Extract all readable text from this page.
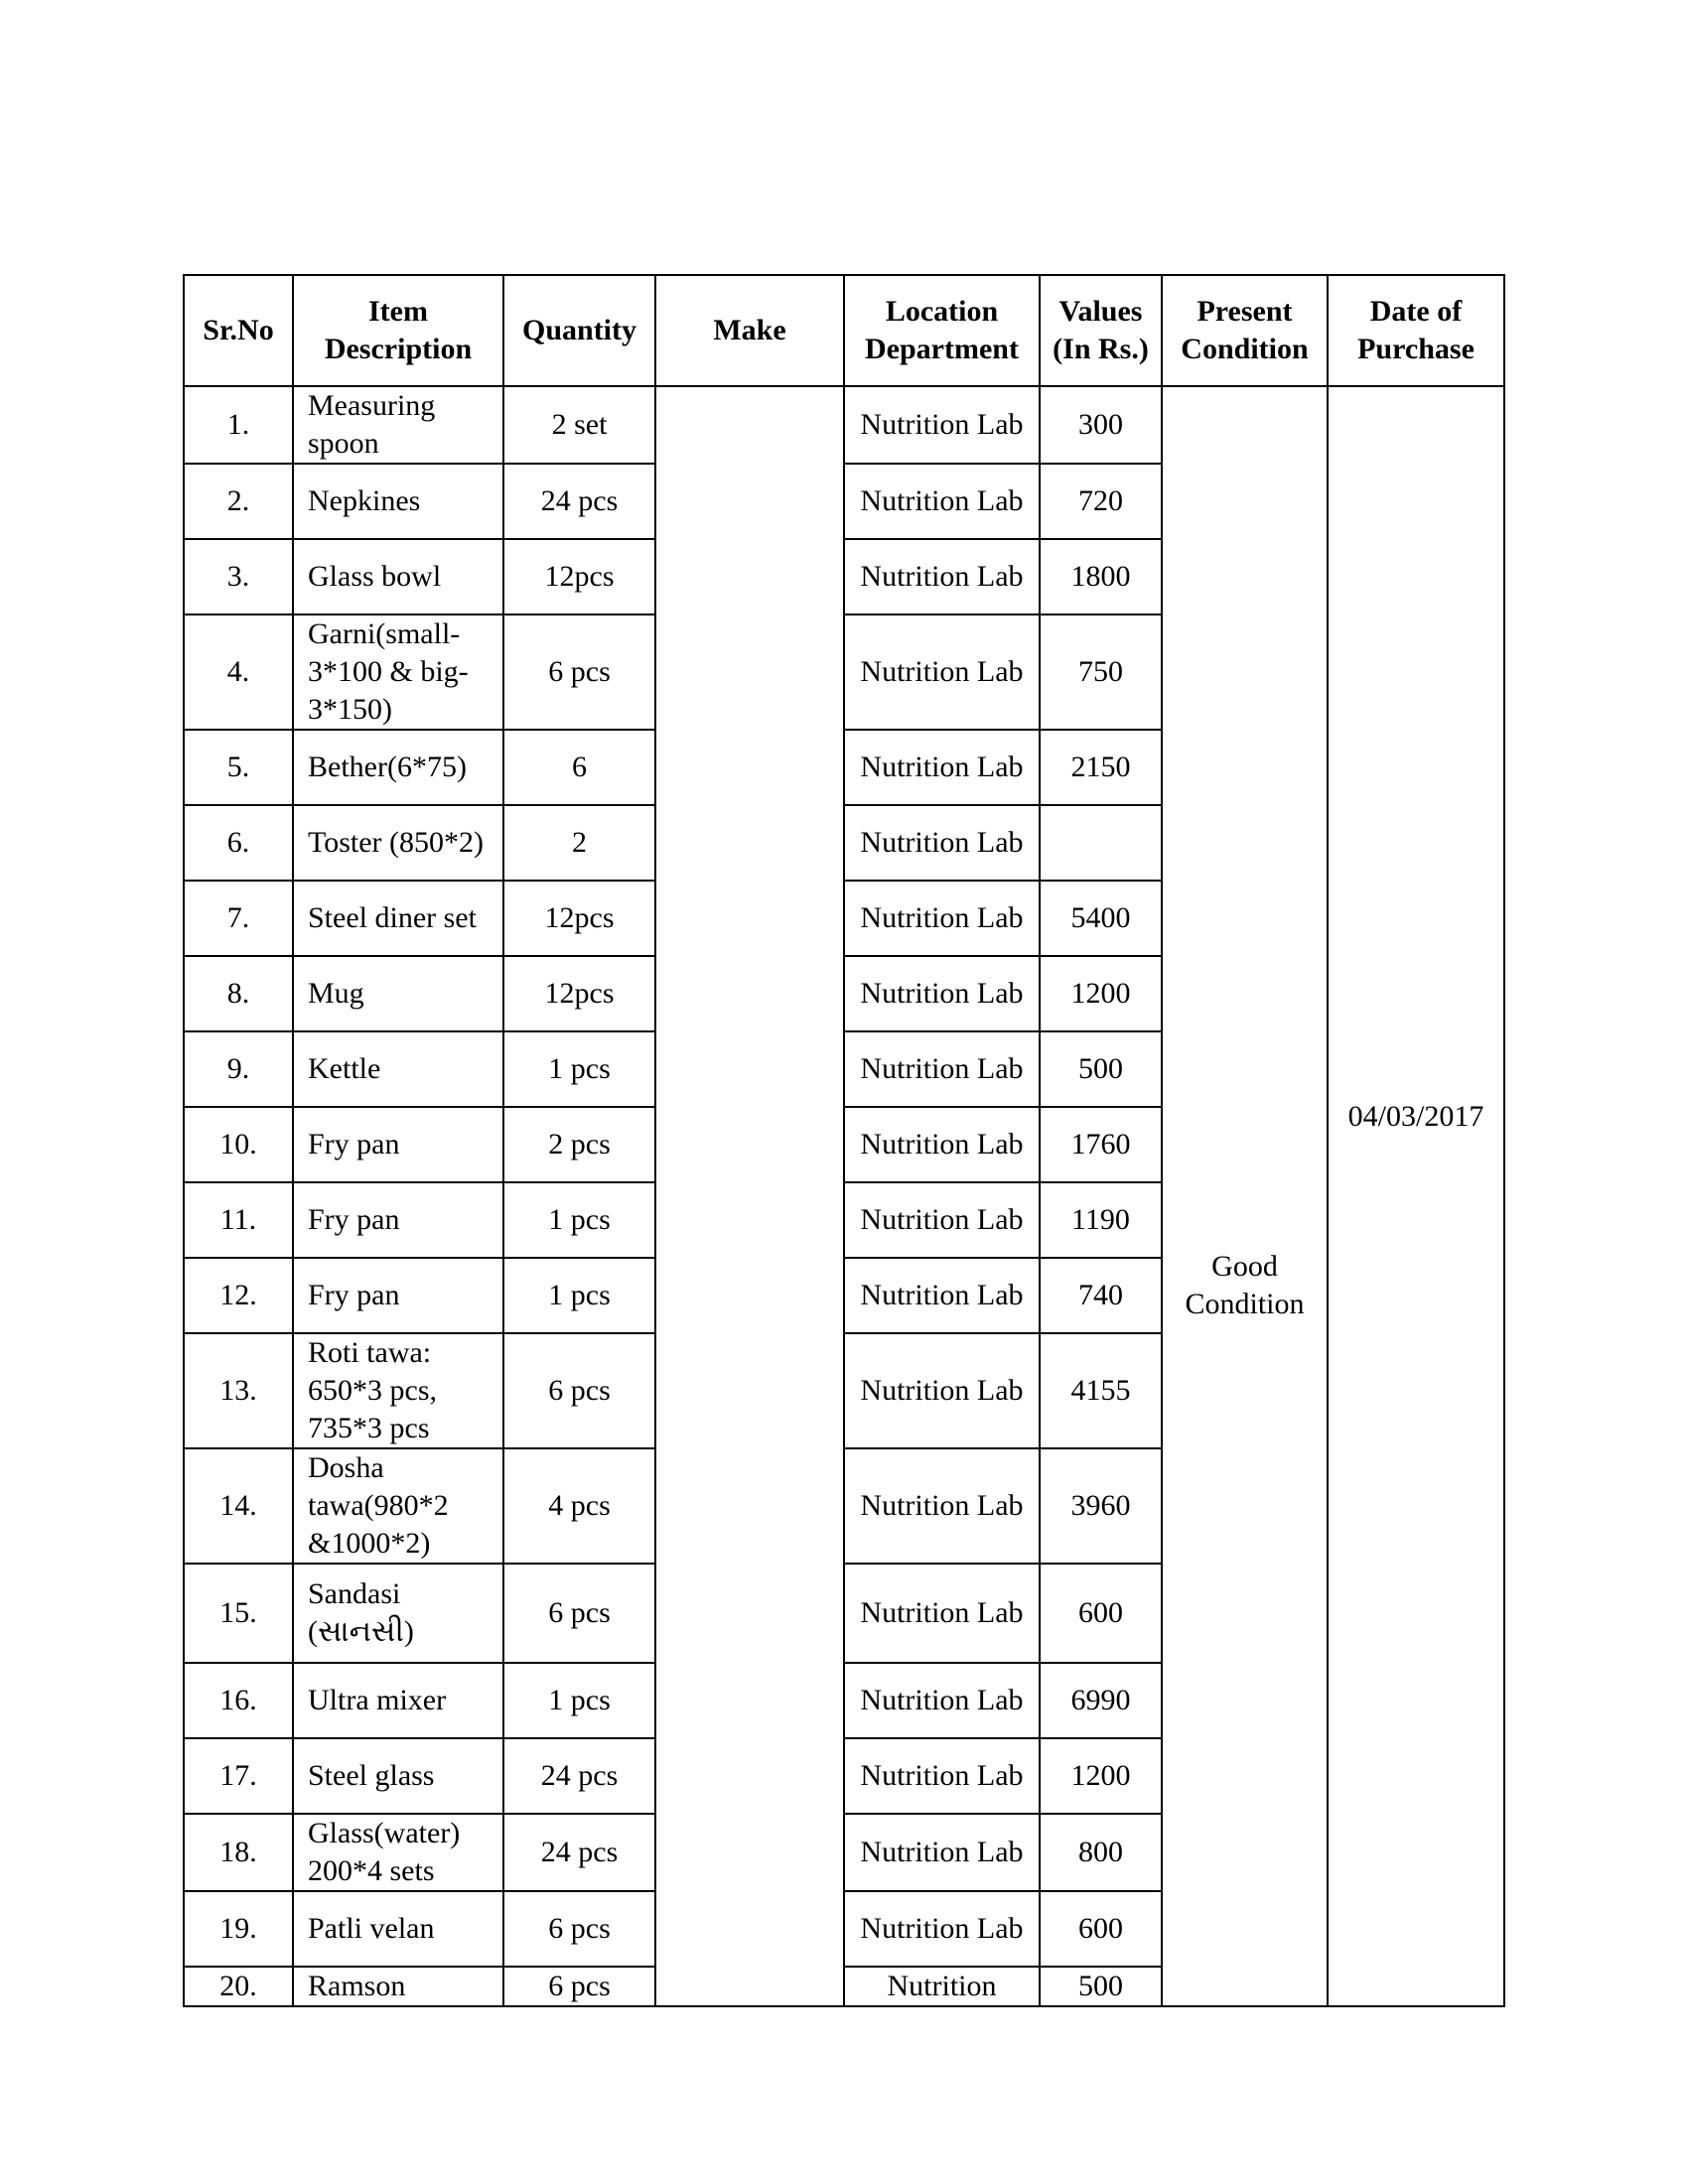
Sr.No	Item Description	Quantity	Make	Location Department	Values (In Rs.)	Present Condition	Date of Purchase
1.	Measuring spoon	2 set		Nutrition Lab	300	Good Condition	04/03/2017
2.	Nepkines	24 pcs		Nutrition Lab	720		
3.	Glass bowl	12pcs		Nutrition Lab	1800		
4.	Garni(small-3*100 & big-3*150)	6 pcs		Nutrition Lab	750		
5.	Bether(6*75)	6		Nutrition Lab	2150		
6.	Toster (850*2)	2		Nutrition Lab			
7.	Steel diner set	12pcs		Nutrition Lab	5400		
8.	Mug	12pcs		Nutrition Lab	1200		
9.	Kettle	1 pcs		Nutrition Lab	500		
10.	Fry pan	2 pcs		Nutrition Lab	1760		
11.	Fry pan	1 pcs		Nutrition Lab	1190		
12.	Fry pan	1 pcs		Nutrition Lab	740		
13.	Roti tawa: 650*3 pcs, 735*3 pcs	6 pcs		Nutrition Lab	4155		
14.	Dosha tawa(980*2 &1000*2)	4 pcs		Nutrition Lab	3960		
15.	Sandasi (સાનસી)	6 pcs		Nutrition Lab	600		
16.	Ultra mixer	1 pcs		Nutrition Lab	6990		
17.	Steel glass	24 pcs		Nutrition Lab	1200		
18.	Glass(water) 200*4 sets	24 pcs		Nutrition Lab	800		
19.	Patli velan	6 pcs		Nutrition Lab	600		
20.	Ramson	6 pcs		Nutrition	500		
